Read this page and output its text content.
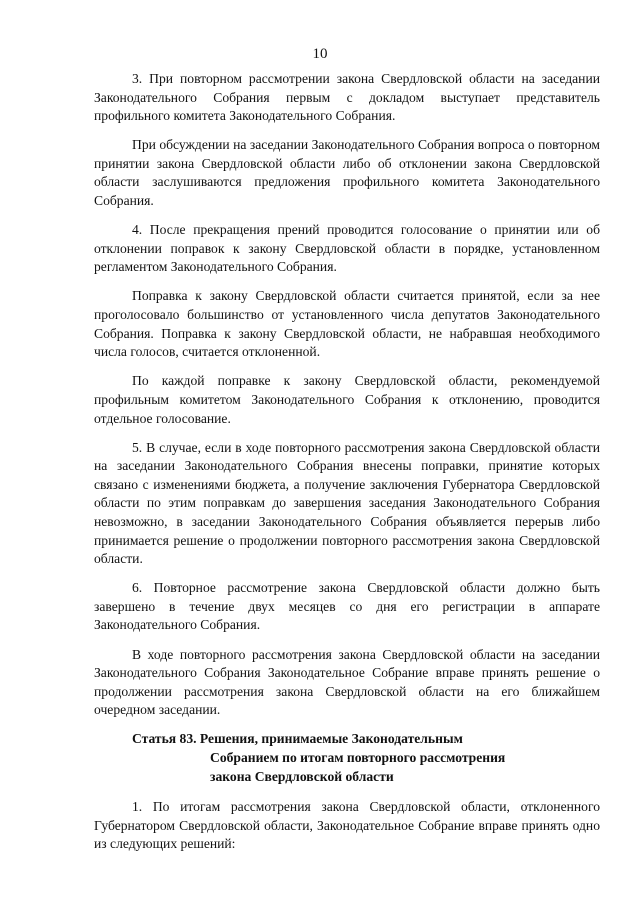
10

3. При повторном рассмотрении закона Свердловской области на заседании Законодательного Собрания первым с докладом выступает представитель профильного комитета Законодательного Собрания.

При обсуждении на заседании Законодательного Собрания вопроса о повторном принятии закона Свердловской области либо об отклонении закона Свердловской области заслушиваются предложения профильного комитета Законодательного Собрания.

4. После прекращения прений проводится голосование о принятии или об отклонении поправок к закону Свердловской области в порядке, установленном регламентом Законодательного Собрания.

Поправка к закону Свердловской области считается принятой, если за нее проголосовало большинство от установленного числа депутатов Законодательного Собрания. Поправка к закону Свердловской области, не набравшая необходимого числа голосов, считается отклоненной.

По каждой поправке к закону Свердловской области, рекомендуемой профильным комитетом Законодательного Собрания к отклонению, проводится отдельное голосование.

5. В случае, если в ходе повторного рассмотрения закона Свердловской области на заседании Законодательного Собрания внесены поправки, принятие которых связано с изменениями бюджета, а получение заключения Губернатора Свердловской области по этим поправкам до завершения заседания Законодательного Собрания невозможно, в заседании Законодательного Собрания объявляется перерыв либо принимается решение о продолжении повторного рассмотрения закона Свердловской области.

6. Повторное рассмотрение закона Свердловской области должно быть завершено в течение двух месяцев со дня его регистрации в аппарате Законодательного Собрания.

В ходе повторного рассмотрения закона Свердловской области на заседании Законодательного Собрания Законодательное Собрание вправе принять решение о продолжении рассмотрения закона Свердловской области на его ближайшем очередном заседании.

Статья 83. Решения, принимаемые Законодательным
Собранием по итогам повторного рассмотрения
закона Свердловской области

1. По итогам рассмотрения закона Свердловской области, отклоненного Губернатором Свердловской области, Законодательное Собрание вправе принять одно из следующих решений:
